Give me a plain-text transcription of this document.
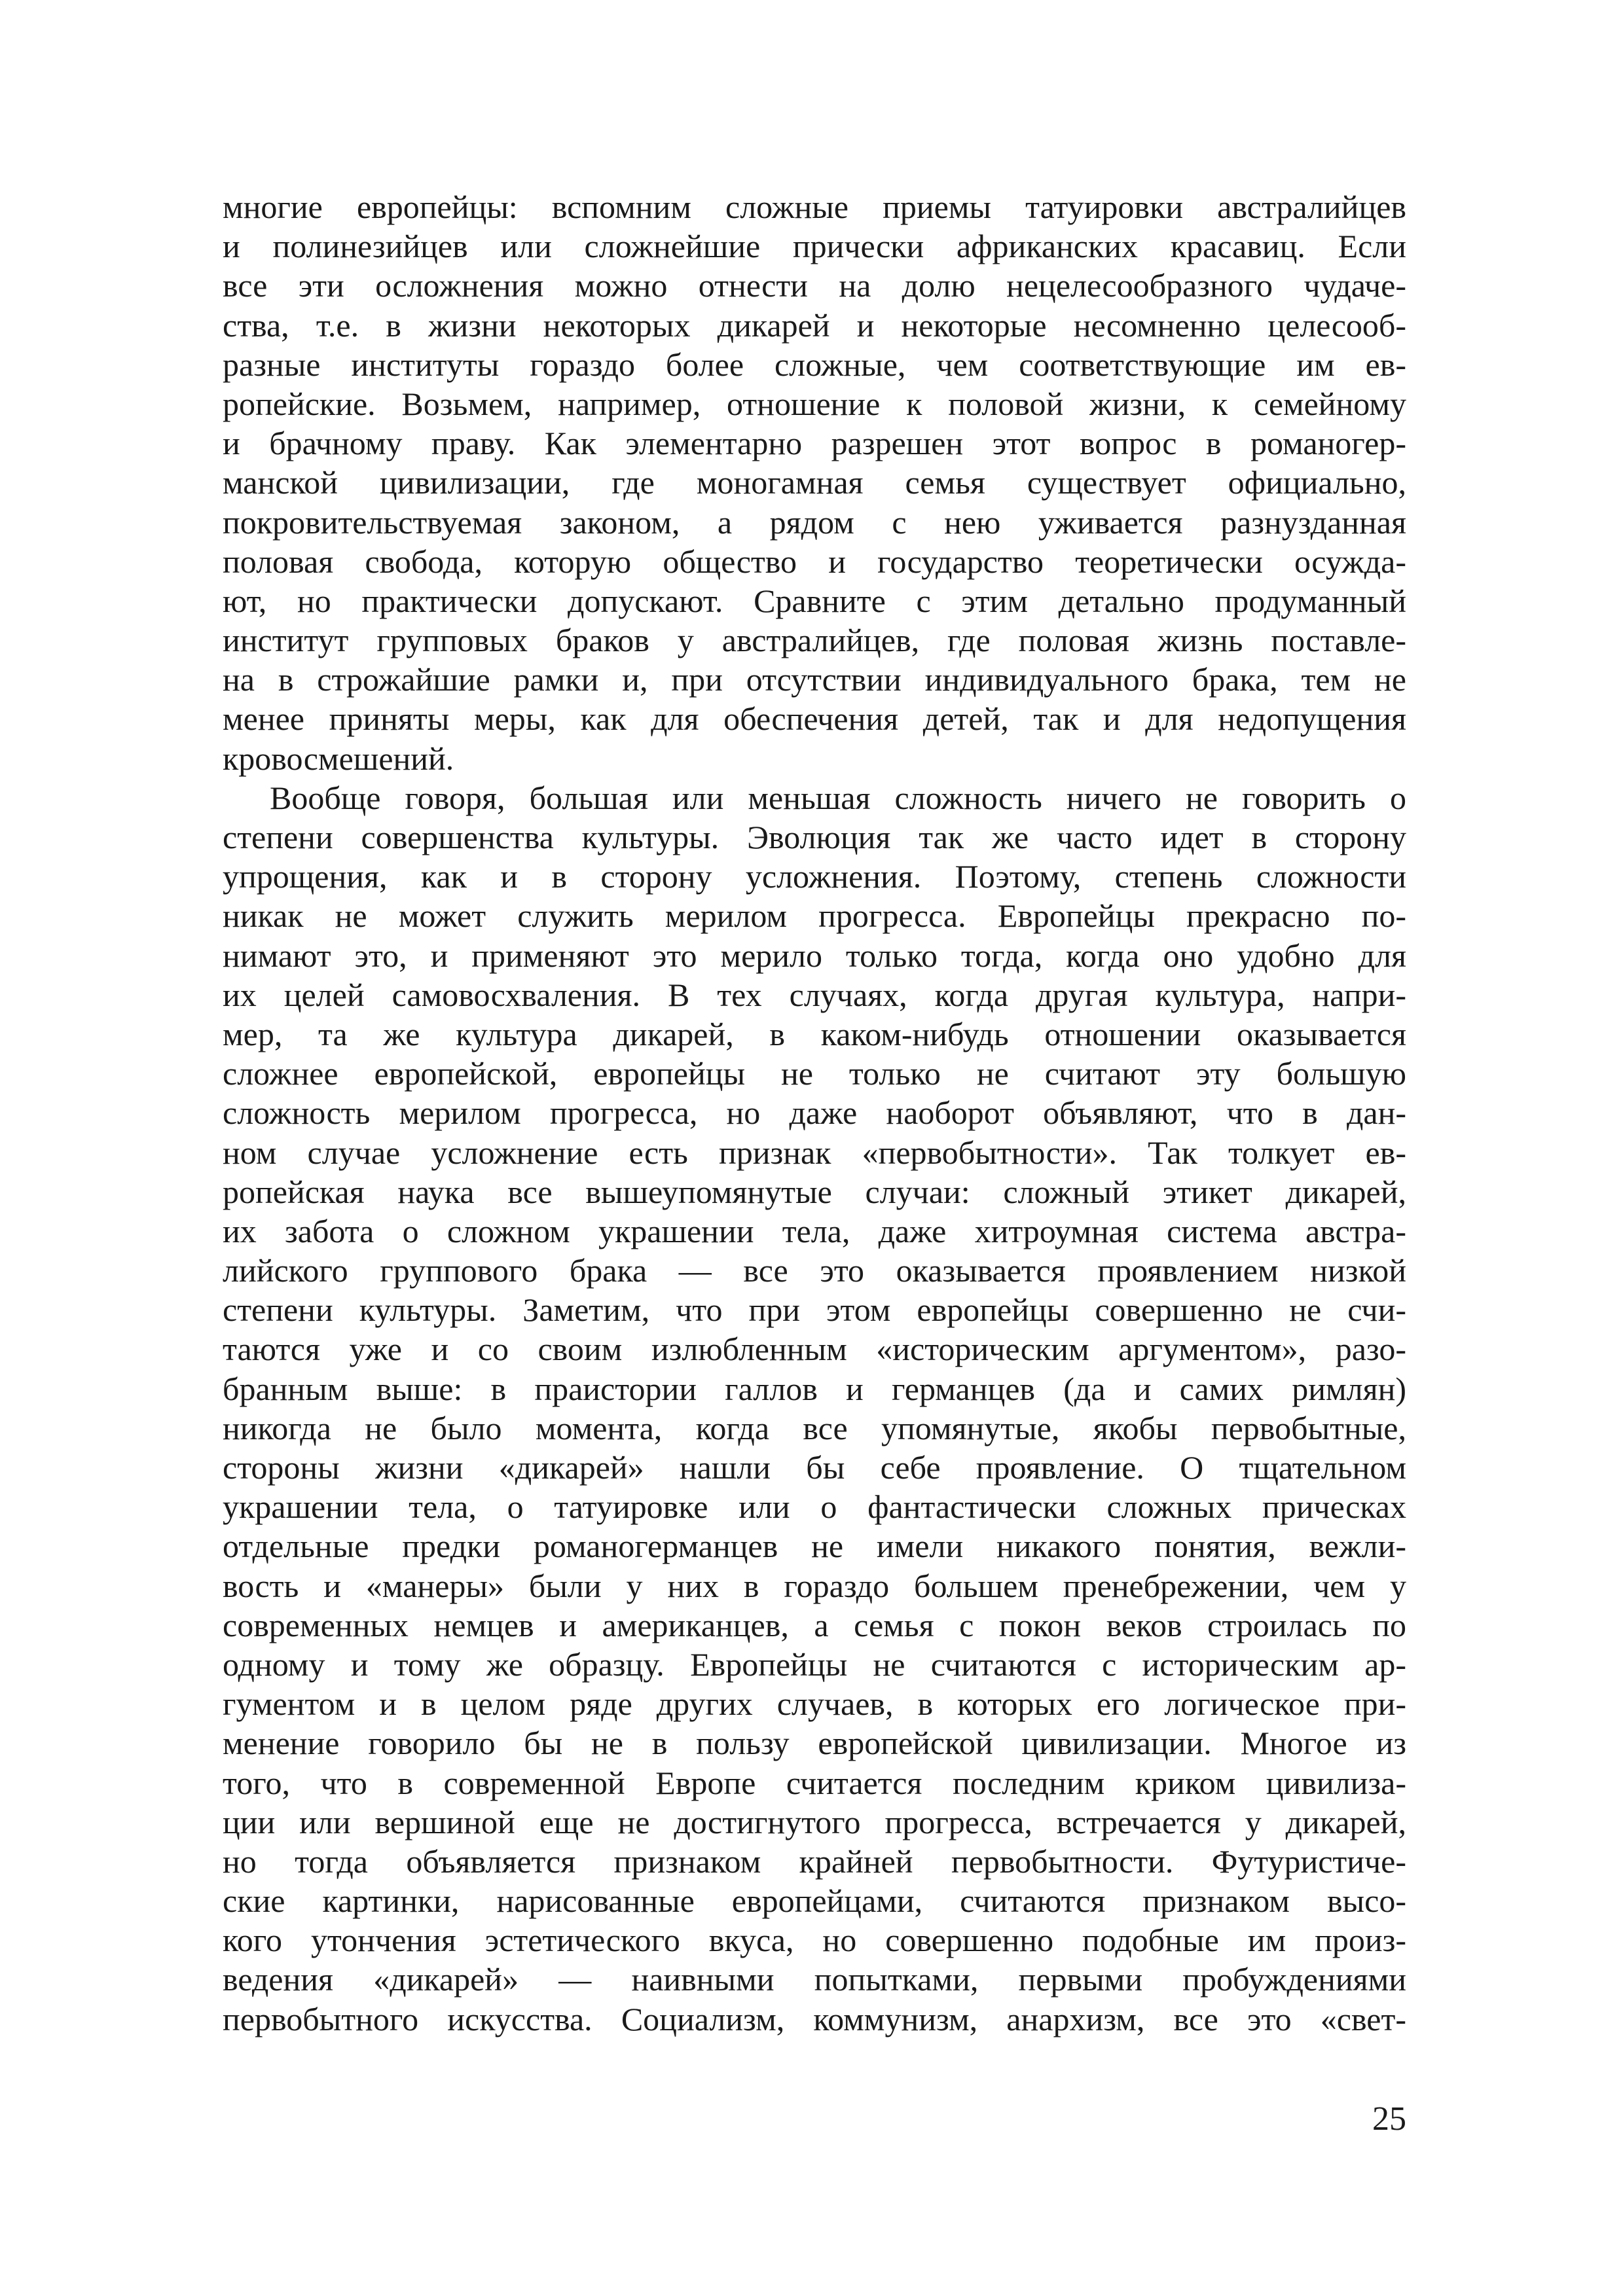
многие европейцы: вспомним сложные приемы татуировки австралийцев
и полинезийцев или сложнейшие прически африканских красавиц. Если
все эти осложнения можно отнести на долю нецелесообразного чудаче-
ства, т.е. в жизни некоторых дикарей и некоторые несомненно целесооб-
разные институты гораздо более сложные, чем соответствующие им ев-
ропейские. Возьмем, например, отношение к половой жизни, к семейному
и брачному праву. Как элементарно разрешен этот вопрос в романогер-
манской цивилизации, где моногамная семья существует официально,
покровительствуемая законом, а рядом с нею уживается разнузданная
половая свобода, которую общество и государство теоретически осужда-
ют, но практически допускают. Сравните с этим детально продуманный
институт групповых браков у австралийцев, где половая жизнь поставле-
на в строжайшие рамки и, при отсутствии индивидуального брака, тем не
менее приняты меры, как для обеспечения детей, так и для недопущения
кровосмешений.
Вообще говоря, большая или меньшая сложность ничего не говорить о
степени совершенства культуры. Эволюция так же часто идет в сторону
упрощения, как и в сторону усложнения. Поэтому, степень сложности
никак не может служить мерилом прогресса. Европейцы прекрасно по-
нимают это, и применяют это мерило только тогда, когда оно удобно для
их целей самовосхваления. В тех случаях, когда другая культура, напри-
мер, та же культура дикарей, в каком-нибудь отношении оказывается
сложнее европейской, европейцы не только не считают эту большую
сложность мерилом прогресса, но даже наоборот объявляют, что в дан-
ном случае усложнение есть признак «первобытности». Так толкует ев-
ропейская наука все вышеупомянутые случаи: сложный этикет дикарей,
их забота о сложном украшении тела, даже хитроумная система австра-
лийского группового брака — все это оказывается проявлением низкой
степени культуры. Заметим, что при этом европейцы совершенно не счи-
таются уже и со своим излюбленным «историческим аргументом», разо-
бранным выше: в праистории галлов и германцев (да и самих римлян)
никогда не было момента, когда все упомянутые, якобы первобытные,
стороны жизни «дикарей» нашли бы себе проявление. О тщательном
украшении тела, о татуировке или о фантастически сложных прическах
отдельные предки романогерманцев не имели никакого понятия, вежли-
вость и «манеры» были у них в гораздо большем пренебрежении, чем у
современных немцев и американцев, а семья с покон веков строилась по
одному и тому же образцу. Европейцы не считаются с историческим ар-
гументом и в целом ряде других случаев, в которых его логическое при-
менение говорило бы не в пользу европейской цивилизации. Многое из
того, что в современной Европе считается последним криком цивилиза-
ции или вершиной еще не достигнутого прогресса, встречается у дикарей,
но тогда объявляется признаком крайней первобытности. Футуристиче-
ские картинки, нарисованные европейцами, считаются признаком высо-
кого утончения эстетического вкуса, но совершенно подобные им произ-
ведения «дикарей» — наивными попытками, первыми пробуждениями
первобытного искусства. Социализм, коммунизм, анархизм, все это «свет-
25
